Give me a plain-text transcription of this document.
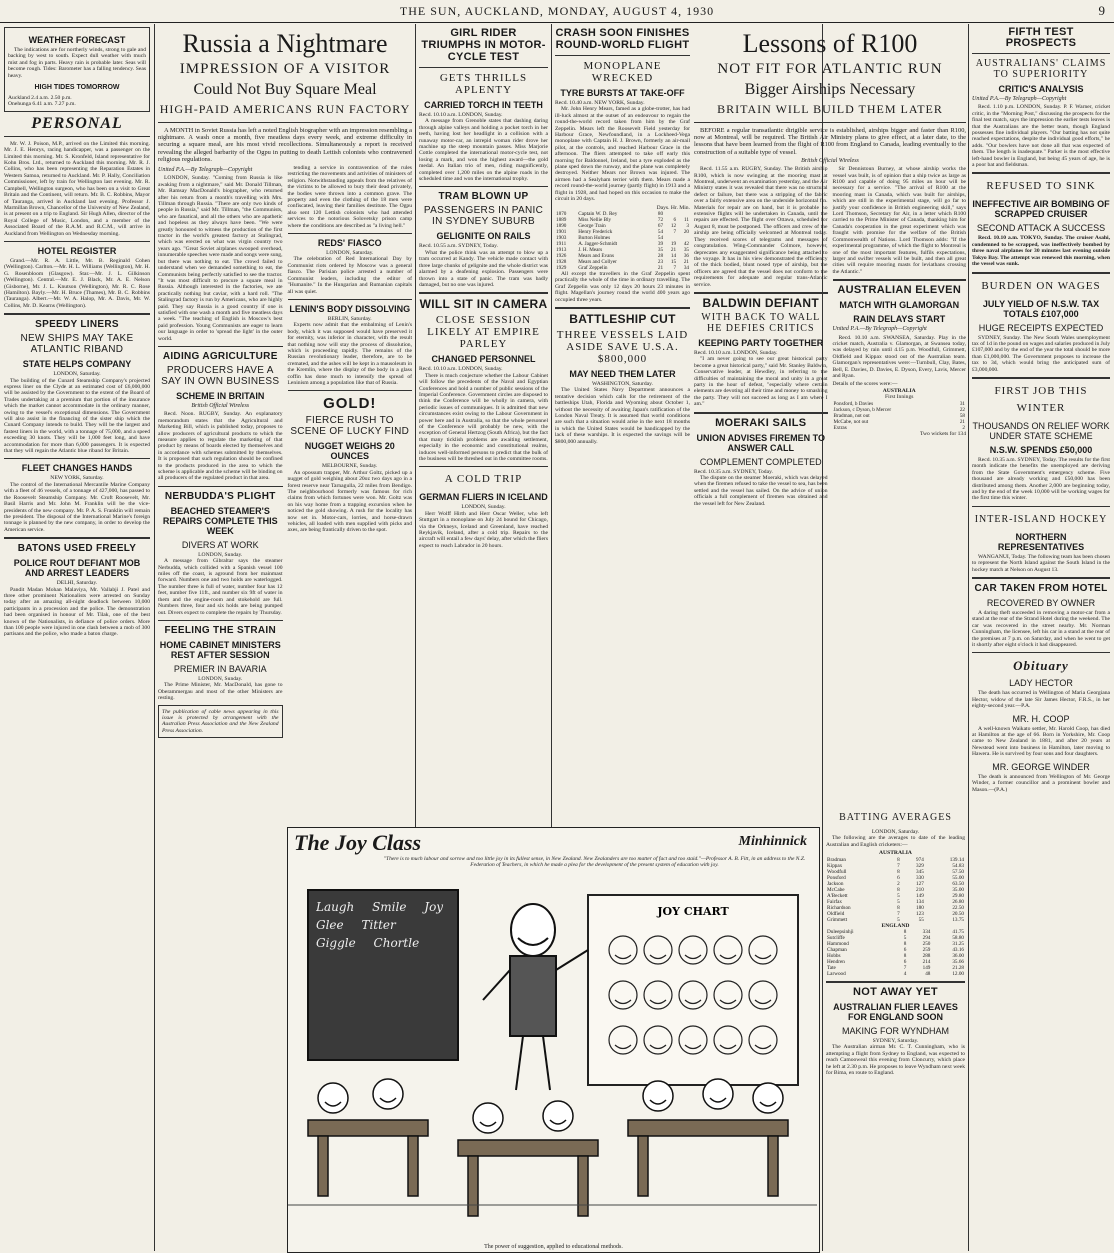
THE SUN, AUCKLAND, MONDAY, AUGUST 4, 1930	9
WEATHER FORECAST

The indications are for northerly winds, strong to gale and backing by west to south. Expect dull weather with much mist and fog in parts. Heavy rain is probable later. Seas will become rough. Tides: Barometer has a falling tendency. Seas heavy.

HIGH TIDES TOMORROW
Auckland 2.4 a.m. 2.50 p.m.
Onehunga 6.41 a.m. 7.27 p.m.
PERSONAL

Mr. W. J. Poison, M.P., arrived on the Limited this morning. Mr. J. E. Henrys, racing handicapper, was a passenger on the Limited this morning. Mr. S. Kronfeld, Island representative for Kohn Bros. Ltd., returned to Auckland this morning. Mr. R. J. Collins, who has been representing the Reparation Estates in Western Samoa, returned to Auckland. Mr. P. Hally, Conciliation Commissioner, left by train for Wellington last evening. Mr. R. Campbell, Wellington surgeon, who has been on a visit to Great Britain and the Continent, will return. Mr. B. C. Robbins, Mayor of Tauranga, arrived in Auckland last evening. Professor J. Marmillan Brown, Chancellor of the University of New Zealand, is at present on a trip to England. Sir Hugh Allen, director of the Royal College of Music, London, and a member of the Associated Board of the R.A.M. and R.C.M., will arrive in Auckland from Wellington on Wednesday morning.

HOTEL REGISTER

Grand.—Mr. R. A. Little, Mr. B. Reginald Cohen (Wellington). Carlton.—Mr. H. L. Williams (Wellington), Mr. H. G. Rosenbloom (Glasgow). Star.—Mr. J. L. Gilkinson (Wellington). Central.—Mr. E. J. Black, Mr. A. E. Nelson (Gisborne), Mr. J. L. Knutson (Wellington), Mr. R. C. Rose (Hamilton). Bayly.—Mr. H. Bruce (Thames), Mr. B. C. Robbins (Tauranga). Albert.—Mr. W. A. Halop, Mr. A. Davis, Mr. W. Collins, Mr. D. Kearns (Wellington).

SPEEDY LINERS
NEW SHIPS MAY TAKE ATLANTIC RIBAND
STATE HELPS COMPANY
LONDON, Saturday.

The building of the Cunard Steamship Company's projected express liner on the Clyde at an estimated cost of £6,000,000 will be assisted by the Government to the extent of the Board of Trades undertaking at a premium that portion of the insurance which the market cannot accommodate in the ordinary manner, owing to the vessel's exceptional dimensions. The Government will also assist in the financing of the sister ship which the Cunard Company intends to build. They will be the largest and fastest liners in the world, with a tonnage of 75,000, and a speed exceeding 30 knots. They will be 1,000 feet long, and have accommodation for more than 6,000 passengers. It is expected that they will regain the Atlantic blue riband for Britain.

FLEET CHANGES HANDS
NEW YORK, Saturday.

The control of the International Mercantile Marine Company with a fleet of 46 vessels, of a tonnage of 427,000, has passed to the Roosevelt Steamship Company. Mr. Croft Roosevelt, Mr. Basil Harris and Mr. John M. Franklin will be the vice-presidents of the new company. Mr. P. A. S. Franklin will remain the president. The disposal of the International Marine's foreign tonnage is planned by the new company, in order to develop the American service.

BATONS USED FREELY
POLICE ROUT DEFIANT MOB AND ARREST LEADERS
DELHI, Saturday.

Pandit Madan Mohan Malaviya, Mr. Vallabji J. Patel and three other prominent Nationalists were arrested on Sunday today after an amazing all-night deadlock between 10,000 participants in a procession and the police. The demonstration had been organised in honour of Mr. Tilak, one of the best known of the Nationalists, in defiance of police orders. More than 100 people were injured in one clash between a mob of 300 partisans and the police, who made a baton charge.

Russia a Nightmare
IMPRESSION OF A VISITOR
Could Not Buy Square Meal
HIGH-PAID AMERICANS RUN FACTORY

A MONTH in Soviet Russia has left a noted English biographer with an impression resembling a nightmare. A wash once a month, five meatless days every week, and extreme difficulty in securing a square meal, are his most vivid recollections. Simultaneously a report is received revealing the alleged barbarity of the Ogpu in putting to death Lettish colonists who contravened religious regulations.

United P.A.—By Telegraph—Copyright

LONDON, Sunday. "Coming from Russia is like awaking from a nightmare," said Mr. Donald Tillman, Mr. Ramsay MacDonald's biographer, who returned after his return from a month's travelling with Mrs. Tillman through Russia. "There are only two kinds of people in Russia," said Mr. Tillman, "the Communists, who are fanatical, and all the others who are apathetic and hopeless as they always have been. "We were greatly honoured to witness the production of the first tractor in the world's greatest factory at Stalingrad, which was erected on what was virgin country two years ago. "Great Soviet airplanes swooped overhead, innumerable speeches were made and songs were sung, but there was nothing to eat. The crowd failed to understand when we demanded something to eat, the Communists being perfectly satisfied to see the tractor. "It was most difficult to procure a square meal in Russia. Although interested in the factories, we ate practically nothing but caviar, with a hard roll. "The Stalingrad factory is run by Americans, who are highly paid. They say Russia is a good country if one is satisfied with one wash a month and five meatless days a week. "The teaching of English is Moscow's best paid profession. Young Communists are eager to learn our language in order to 'spread the light' in the outer world.

AIDING AGRICULTURE
PRODUCERS HAVE A SAY IN OWN BUSINESS
SCHEME IN BRITAIN
British Official Wireless

Recd. Noon. RUGBY, Sunday. An explanatory memorandum states that the Agricultural and Marketing Bill, which is published today, proposes to allow producers of agricultural products to which the measure applies to regulate the marketing of that product by means of boards elected by themselves and in accordance with schemes submitted by themselves. It is proposed that such regulation should be confined to the products produced in the area to which the scheme is applicable and the scheme will be binding on all producers of the regulated product in that area.

NERBUDDA'S PLIGHT
BEACHED STEAMER'S REPAIRS COMPLETE THIS WEEK
DIVERS AT WORK
LONDON, Sunday.

A message from Gibraltar says the steamer Nerbudda, which collided with a Spanish vessel 100 miles off the coast, is aground from her mainmast forward. Numbers one and two holds are waterlogged. The number three is full of water, number four has 12 feet, number five 11ft., and number six 9ft of water in them and the engine-room and stokehold are full. Numbers three, four and six holds are being pumped out. Divers expect to complete the repairs by Thursday.

FEELING THE STRAIN
HOME CABINET MINISTERS REST AFTER SESSION
PREMIER IN BAVARIA
LONDON, Sunday.

The Prime Minister, Mr. MacDonald, has gone to Oberammergau and most of the other Ministers are resting.

The publication of cable news appearing in this issue is protected by arrangement with the Australian Press Association and the New Zealand Press Association.

tending a service in contravention of the rules restricting the movements and activities of ministers of religion. Notwithstanding appeals from the relatives of the victims to be allowed to bury their dead privately, the bodies were thrown into a common grave. The property and even the clothing of the 18 men were confiscated, leaving their families destitute. The Ogpu also sent 120 Lettish colonists who had attended services to the notorious Solovetsky prison camp where the conditions are described as "a living hell."

REDS' FIASCO
LONDON, Saturday.

The celebration of Red International Day by Communist riots ordered by Moscow was a general fiasco. The Parisian police arrested a number of Communist leaders, including the editor of "Humanite." In the Hungarian and Rumanian capitals all was quiet.

LENIN'S BODY DISSOLVING
BERLIN, Saturday.

Experts now admit that the embalming of Lenin's body, which it was supposed would have preserved it for eternity, was inferior in character, with the result that nothing now will stay the process of dissolution, which is proceeding rapidly. The remains of the Russian revolutionary leader, therefore, are to be cremated, and the ashes will be kept in a mausoleum in the Kremlin, where the display of the body in a glass coffin has done much to intensify the spread of Leninism among a population like that of Russia.

GOLD!
FIERCE RUSH TO SCENE OF LUCKY FIND
NUGGET WEIGHS 20 OUNCES
MELBOURNE, Sunday.

An opossum trapper, Mr. Arthur Goltz, picked up a nugget of gold weighing about 20oz two days ago in a forest reserve near Tarnagulla, 22 miles from Bendigo. The neighbourhood formerly was famous for rich claims from which fortunes were won. Mr. Goltz was on his way home from a trapping excursion when he noticed the gold showing. A rush for the locality has now set in. Motor-cars, lorries, and horse-drawn vehicles, all loaded with men supplied with picks and axes, are being frantically driven to the spot.

GIRL RIDER TRIUMPHS IN MOTOR-CYCLE TEST
GETS THRILLS APLENTY
CARRIED TORCH IN TEETH
Recd. 10.10 a.m. LONDON, Sunday.

A message from Grenoble states that dashing daring through alpine valleys and holding a pocket torch in her teeth, having lost her headlight in a collision with a runaway motor-car, an intrepid woman rider drove her machine up the steep mountain passes. Miss Marjorie Cottle completed the international motor-cycle test, not losing a mark, and won the highest award—the gold medal. An Italian trio of men, riding magnificently, completed over 1,200 miles on the alpine roads in the scheduled time and won the international trophy.

TRAM BLOWN UP
PASSENGERS IN PANIC IN SYDNEY SUBURB
GELIGNITE ON RAILS
Recd. 10.55 a.m. SYDNEY, Today.

What the police think was an attempt to blow up a tram occurred at Kandy. The vehicle made contact with three large chunks of gelignite and the whole district was alarmed by a deafening explosion. Passengers were thrown into a state of panic. The tram was badly damaged, but no one was injured.

WILL SIT IN CAMERA
CLOSE SESSION LIKELY AT EMPIRE PARLEY
CHANGED PERSONNEL
Recd. 10.10 a.m. LONDON, Sunday.

There is much conjecture whether the Labour Cabinet will follow the precedents of the Naval and Egyptian Conferences and hold a number of public sessions of the Imperial Conference. Government circles are disposed to think the Conference will be wholly in camera, with periodic issues of communiques. It is admitted that new circumstances exist owing to the Labour Government in power here and in Australia, so that the whole personnel of the Conference will probably be new, with the exception of General Hertzog (South Africa), but the fact that many ticklish problems are awaiting settlement, especially in the economic and constitutional realms, induces well-informed persons to predict that the bulk of the business will be threshed out in the committee rooms.

A COLD TRIP
GERMAN FLIERS IN ICELAND
LONDON, Sunday.

Herr Wolff Hirth and Herr Oscar Weller, who left Stuttgart in a monoplane on July 24 bound for Chicago, via the Orkneys, Iceland and Greenland, have reached Reykjavik, Iceland, after a cold trip. Repairs to the aircraft will entail a few days' delay, after which the fliers expect to reach Labrador in 20 hours.

CRASH SOON FINISHES ROUND-WORLD FLIGHT
MONOPLANE WRECKED
TYRE BURSTS AT TAKE-OFF
Recd. 10.40 a.m. NEW YORK, Sunday.

Mr. John Henry Mears, famed as a globe-trotter, has had ill-luck almost at the outset of an endeavour to regain the round-the-world record taken from him by the Graf Zeppelin. Mears left the Roosevelt Field yesterday for Harbour Grace, Newfoundland, in a Lockheed-Vega monoplane with Captain H. J. Brown, formerly an air-mail pilot, at the controls, and reached Harbour Grace in the afternoon. The fliers attempted to take off early this morning for Baldonnel, Ireland, but a tyre exploded as the plane sped down the runway, and the plane was completely destroyed. Neither Mears nor Brown was injured. The airmen had a Sealyham terrier with them. Mears made a record round-the-world journey (partly flight) in 1913 and a flight in 1928, and had hoped on this occasion to make the circuit in 20 days.

Days. Hr. Min.
1870	Captain W. D. Rey	80		
1889	Miss Nellie Bly	72	6	11
1890	George Train	67	12	3
1901	Henry Frederick	54	7	20
1903	Burton Holmes	54		
1911	A. Jagger-Schmidt	39	19	42
1913	J. H. Mears	35	21	35
1926	Mears and Evans	28	14	36
1928	Mears and Collyer	23	15	21
1929	Graf Zeppelin	21	7	34

All except the travellers in the Graf Zeppelin spent practically the whole of the time in ordinary travelling. The Graf Zeppelin was only 12 days 20 hours 23 minutes in flight. Magellan's journey round the world 400 years ago occupied three years.

BATTLESHIP CUT
THREE VESSELS LAID ASIDE SAVE U.S.A. $800,000
MAY NEED THEM LATER
WASHINGTON, Saturday.

The United States Navy Department announces a tentative decision which calls for the retirement of the battleships Utah, Florida and Wyoming about October 1, without the necessity of awaiting Japan's ratification of the London Naval Treaty. It is assumed that world conditions are such that a situation would arise in the next 18 months in which the United States would be handicapped by the lack of these warships. It is expected the savings will be $800,000 annually.

Lessons of R100
NOT FIT FOR ATLANTIC RUN
Bigger Airships Necessary
BRITAIN WILL BUILD THEM LATER

BEFORE a regular transatlantic dirigible service is established, airships bigger and faster than R100, now at Montreal, will be required. The British Air Ministry plans to give effect, at a later date, to the lessons that have been learned from the flight of R100 from England to Canada, leading eventually to the construction of a suitable type of vessel.

British Official Wireless

Recd. 11.55 a.m. RUGBY, Sunday. The British airship R100, which is now swinging at the mooring mast at Montreal, underwent an examination yesterday, and the Air Ministry states it was revealed that there was no structural defect or failure, but there was a stripping of the fabric over a fairly extensive area on the underside horizontal fin. Materials for repair are on hand, but it is probable no extensive flights will be undertaken in Canada, until the repairs are effected. The flight over Ottawa, scheduled for August 8, must be postponed. The officers and crew of the airship are being officially welcomed at Montreal today. They received scores of telegrams and messages of congratulation. Wing-Commander Colmore, however, deprecates any exaggerated significance being attached to the voyage. It has in his view demonstrated the efficiency of the thick bodied, blunt nosed type of airship, but the officers are agreed that the vessel does not conform to the requirements for adequate and regular trans-Atlantic service.

BALDWIN DEFIANT
WITH BACK TO WALL HE DEFIES CRITICS
KEEPING PARTY TOGETHER
Recd. 10.10 a.m. LONDON, Sunday.

"I am never going to see our great historical party become a great historical party," said Mr. Stanley Baldwin, Conservative leader, at Hewdley, in referring to the difficulties of maintaining the moral and unity in a great party in the hour of defeat, "especially where certain elements are devoting all their time and money to smashing the party. They will not succeed as long as I am where I am."

MOERAKI SAILS
UNION ADVISES FIREMEN TO ANSWER CALL
COMPLEMENT COMPLETED
Recd. 10.35 a.m. SYDNEY, Today.

The dispute on the steamer Moeraki, which was delayed when the firemen refused to take the vessel to sea, has been settled and the vessel has sailed. On the advice of union officials a full complement of firemen was obtained and the vessel left for New Zealand.

Sir Dennistoun Burney, at whose airship works the vessel was built, is of opinion that a ship twice as large as R100 and capable of doing 95 miles an hour will be necessary for a service. "The arrival of R100 at the mooring mast in Canada, which was built for airships, which are still in the experimental stage, will go far to justify your confidence in British engineering skill," says Lord Thomson, Secretary for Air, in a letter which R100 carried to the Prime Minister of Canada, thanking him for Canada's cooperation in the great experiment which was fraught with promise for the welfare of the British Commonwealth of Nations. Lord Thomson adds: "If the experimental programme, of which the flight to Montreal is one of the most important features, fulfils expectations, larger and swifter vessels will be built, and then all great cities will require mooring masts for leviathans crossing the Atlantic."

AUSTRALIAN ELEVEN
MATCH WITH GLAMORGAN
RAIN DELAYS START
United P.A.—By Telegraph—Copyright

Recd. 10.10 a.m. SWANSEA, Saturday. Play in the cricket match, Australia v. Glamorgan, at Swansea today, was delayed by rain until 4.15 p.m. Woodfull, Grimmett, Oldfield and Kippax stood out of the Australian team. Glamorgan's representatives were:—Turnbull, Clay, Bates, Bell, E. Davies, D. Davies, E. Dyson, Every, Lavis, Mercer and Ryan.

Details of the scores were:—
AUSTRALIA
First Innings
Ponsford, b Davies	31
Jackson, c Dyson, b Mercer	22
Bradman, not out	58
McCabe, not out	21
Extras	2
Two wickets for 134
FIFTH TEST PROSPECTS
AUSTRALIANS' CLAIMS TO SUPERIORITY
CRITIC'S ANALYSIS
United P.A.—By Telegraph—Copyright

Recd. 1.10 p.m. LONDON, Sunday. P. F. Warner, cricket critic, in the "Morning Post," discussing the prospects for the final test match, says the impression the earlier tests leaves is that the Australians are the better team, though England possesses fine individual players. "Our batting has not quite reached expectations, despite the individual good efforts," he adds. "Our bowlers have not done all that was expected of them. The length is inadequate." Parker is the most effective left-hand bowler in England, but being 45 years of age, he is a poor bat and fieldsman.

REFUSED TO SINK
INEFFECTIVE AIR BOMBING OF SCRAPPED CRUISER
SECOND ATTACK A SUCCESS

Recd. 10.10 a.m. TOKYO, Sunday. The cruiser Asahi, condemned to be scrapped, was ineffectively bombed by three naval airplanes for 30 minutes last evening outside Tokyo Bay. The attempt was renewed this morning, when the vessel was sunk.

BURDEN ON WAGES
JULY YIELD OF N.S.W. TAX TOTALS £107,000
HUGE RECEIPTS EXPECTED

SYDNEY, Sunday. The New South Wales unemployment tax of 1d in the pound on wages and salaries produced in July £107,000 and by the end of the year the total should be more than £1,000,000. The Government proposes to increase the tax to 3d, which would bring the anticipated sum of £3,000,000.

FIRST JOB THIS WINTER
THOUSANDS ON RELIEF WORK UNDER STATE SCHEME
N.S.W. SPENDS £50,000

Recd. 10.35 a.m. SYDNEY, Today. The results for the first month indicate the benefits the unemployed are deriving from the State Government's emergency scheme. Five thousand are already working and £50,000 has been distributed among them. Another 2,000 are beginning today, and by the end of the week 10,000 will be working wages for the first time this winter.

INTER-ISLAND HOCKEY
NORTHERN REPRESENTATIVES

WANGANUI, Today. The following team has been chosen to represent the North Island against the South Island in the hockey match at Nelson on August 13.

CAR TAKEN FROM HOTEL
RECOVERED BY OWNER

A daring theft succeeded in removing a motor-car from a stand at the rear of the Strand Hotel during the weekend. The car was recovered in the street nearby. Mr. Norman Cunningham, the licensee, left his car in a stand at the rear of the premises at 7 p.m. on Saturday, and when he went to get it shortly after eight o'clock it had disappeared.

Obituary
LADY HECTOR

The death has occurred in Wellington of Maria Georgiana Hector, widow of the late Sir James Hector, F.R.S., in her eighty-second year.—P.A.

MR. H. COOP

A well-known Waikato settler, Mr. Harold Coop, has died at Hamilton at the age of 66. Born in Yorkshire, Mr. Coop came to New Zealand in 1881, and after 20 years at Newstead went into business in Hamilton, later moving to Hawera. He is survived by four sons and four daughters.

MR. GEORGE WINDER

The death is announced from Wellington of Mr. George Winder, a former councillor and a prominent bowler and Mason.—(P.A.)

BATTING AVERAGES
LONDON, Saturday.

The following are the averages to date of the leading Australian and English cricketers:—

AUSTRALIA
Bradman	8	974	139.14
Kippax	7	329	54.83
Woodfull	8	345	57.50
Ponsford	6	330	55.00
Jackson	2	127	63.50
McCabe	8	210	35.00
A'Beckett	5	149	29.80
Fairfax	5	134	26.80
Richardson	8	180	22.50
Oldfield	7	123	20.50
Grimmett	5	55	13.75
ENGLAND
Duleepsinhji	8	334	41.75
Sutcliffe	5	294	58.80
Hammond	8	250	31.25
Chapman	6	259	43.16
Hobbs	8	288	36.00
Hendren	6	214	35.66
Tate	7	149	21.28
Larwood	4	48	12.00
NOT AWAY YET
AUSTRALIAN FLIER LEAVES FOR ENGLAND SOON
MAKING FOR WYNDHAM
SYDNEY, Saturday.

The Australian airman Mr. C. T. Cunningham, who is attempting a flight from Sydney to England, was expected to reach Camooweal this evening from Cloncurry, which place he left at 2.30 p.m. He proposes to leave Wyndham next week for Bima, en route to England.

The Joy Class	Minhinnick
"There is to much labour and sorrow and too little joy in its fullest sense, in New Zealand. New Zealanders are too matter of fact and too staid."—Professor A. B. Fitt, in an address to the N.Z. Federation of Teachers, in which he made a plea for the development of the present system of education with joy.
Laugh Smile Joy Glee Titter Giggle Chortle
JOY CHART
The power of suggestion, applied to educational methods.
